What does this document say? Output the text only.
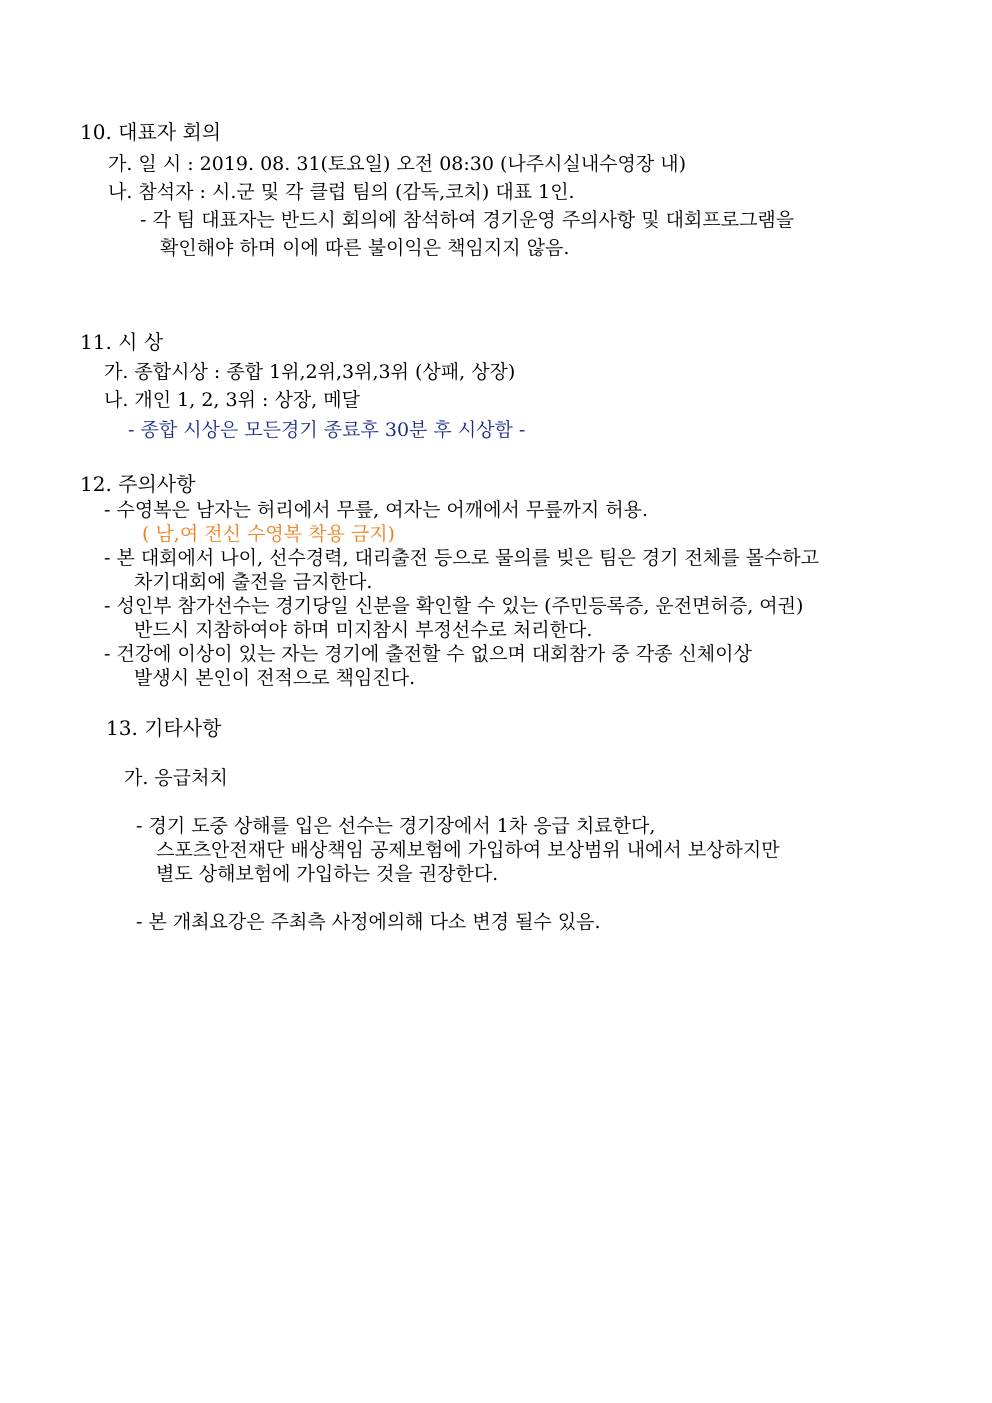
10. 대표자 회의
가. 일 시 : 2019. 08. 31(토요일) 오전 08:30 (나주시실내수영장 내)
나. 참석자 : 시.군 및 각 클럽 팀의 (감독,코치) 대표 1인.
- 각 팀 대표자는 반드시 회의에 참석하여 경기운영 주의사항 및 대회프로그램을
확인해야 하며 이에 따른 불이익은 책임지지 않음.
11. 시 상
가. 종합시상 : 종합 1위,2위,3위,3위 (상패, 상장)
나. 개인 1, 2, 3위 : 상장, 메달
- 종합 시상은 모든경기 종료후 30분 후 시상함 -
12. 주의사항
- 수영복은 남자는 허리에서 무릎, 여자는 어깨에서 무릎까지 허용.
( 남,여 전신 수영복 착용 금지)
- 본 대회에서 나이, 선수경력, 대리출전 등으로 물의를 빚은 팀은 경기 전체를 몰수하고
차기대회에 출전을 금지한다.
- 성인부 참가선수는 경기당일 신분을 확인할 수 있는 (주민등록증, 운전면허증, 여권)
반드시 지참하여야 하며 미지참시 부정선수로 처리한다.
- 건강에 이상이 있는 자는 경기에 출전할 수 없으며 대회참가 중 각종 신체이상
발생시 본인이 전적으로 책임진다.
13. 기타사항
가. 응급처치
- 경기 도중 상해를 입은 선수는 경기장에서 1차 응급 치료한다,
스포츠안전재단 배상책임 공제보험에 가입하여 보상범위 내에서 보상하지만
별도 상해보험에 가입하는 것을 권장한다.
- 본 개최요강은 주최측 사정에의해 다소 변경 될수 있음.
